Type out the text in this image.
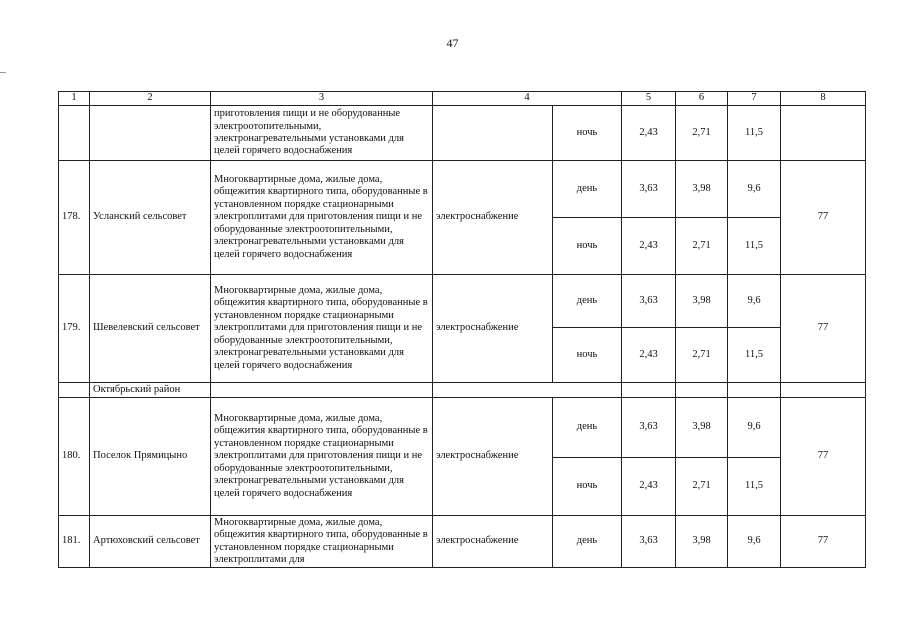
47
1	2	3	4		5	6	7	8
		приготовления пищи и не оборудованные электроотопительными, электронагревательными установками для целей горячего водоснабжения		ночь	2,43	2,71	11,5	
178.	Усланский сельсовет	Многоквартирные дома, жилые дома, общежития квартирного типа, оборудованные в установленном порядке стационарными электроплитами для приготовления пищи и не оборудованные электроотопительными, электронагревательными установками для целей горячего водоснабжения	электроснабжение	день	3,63	3,98	9,6	77
				ночь	2,43	2,71	11,5	
179.	Шевелевский сельсовет	Многоквартирные дома, жилые дома, общежития квартирного типа, оборудованные в установленном порядке стационарными электроплитами для приготовления пищи и не оборудованные электроотопительными, электронагревательными установками для целей горячего водоснабжения	электроснабжение	день	3,63	3,98	9,6	77
				ночь	2,43	2,71	11,5	
	Октябрьский район							
180.	Поселок Прямицыно	Многоквартирные дома, жилые дома, общежития квартирного типа, оборудованные в установленном порядке стационарными электроплитами для приготовления пищи и не оборудованные электроотопительными, электронагревательными установками для целей горячего водоснабжения	электроснабжение	день	3,63	3,98	9,6	77
				ночь	2,43	2,71	11,5	
181.	Артюховский сельсовет	Многоквартирные дома, жилые дома, общежития квартирного типа, оборудованные в установленном порядке стационарными электроплитами для	электроснабжение	день	3,63	3,98	9,6	77
